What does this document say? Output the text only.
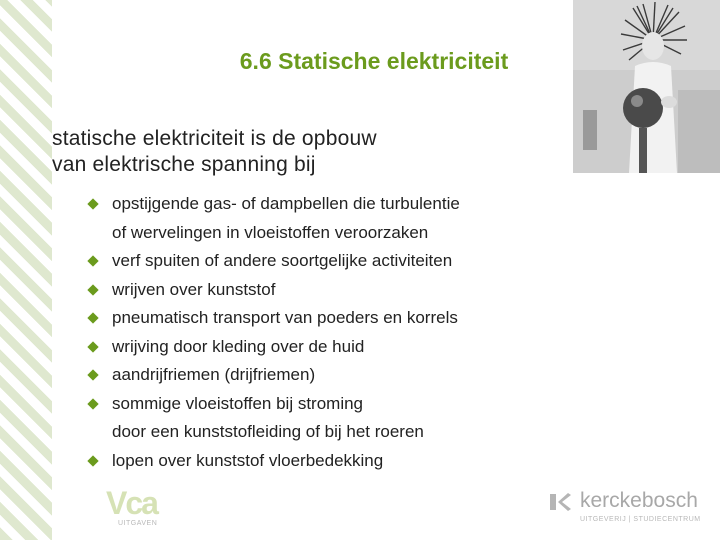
6.6 Statische elektriciteit
statische elektriciteit is de opbouw
van elektrische spanning bij
opstijgende gas- of dampbellen die turbulentie
of wervelingen in vloeistoffen veroorzaken
verf spuiten of andere soortgelijke activiteiten
wrijven over kunststof
pneumatisch transport van poeders en korrels
wrijving door kleding over de huid
aandrijfriemen (drijfriemen)
sommige vloeistoffen bij stroming
door een kunststofleiding of bij het roeren
lopen over kunststof vloerbedekking
Vca
UITGAVEN
kerckebosch
UITGEVERIJ | STUDIECENTRUM
